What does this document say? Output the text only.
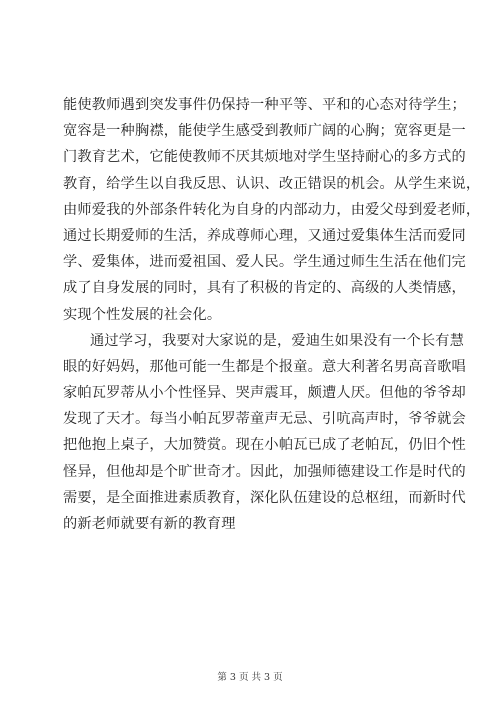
能使教师遇到突发事件仍保持一种平等、平和的心态对待学生；
宽容是一种胸襟，能使学生感受到教师广阔的心胸；宽容更是一
门教育艺术，它能使教师不厌其烦地对学生坚持耐心的多方式的
教育，给学生以自我反思、认识、改正错误的机会。从学生来说，
由师爱我的外部条件转化为自身的内部动力，由爱父母到爱老师，
通过长期爱师的生活，养成尊师心理，又通过爱集体生活而爱同
学、爱集体，进而爱祖国、爱人民。学生通过师生生活在他们完
成了自身发展的同时，具有了积极的肯定的、高级的人类情感，
实现个性发展的社会化。
通过学习，我要对大家说的是，爱迪生如果没有一个长有慧
眼的好妈妈，那他可能一生都是个报童。意大利著名男高音歌唱
家帕瓦罗蒂从小个性怪异、哭声震耳，颇遭人厌。但他的爷爷却
发现了天才。每当小帕瓦罗蒂童声无忌、引吭高声时，爷爷就会
把他抱上桌子，大加赞赏。现在小帕瓦已成了老帕瓦，仍旧个性
怪异，但他却是个旷世奇才。因此，加强师德建设工作是时代的
需要，是全面推进素质教育，深化队伍建设的总枢纽，而新时代
的新老师就要有新的教育理
第 3 页 共 3 页
